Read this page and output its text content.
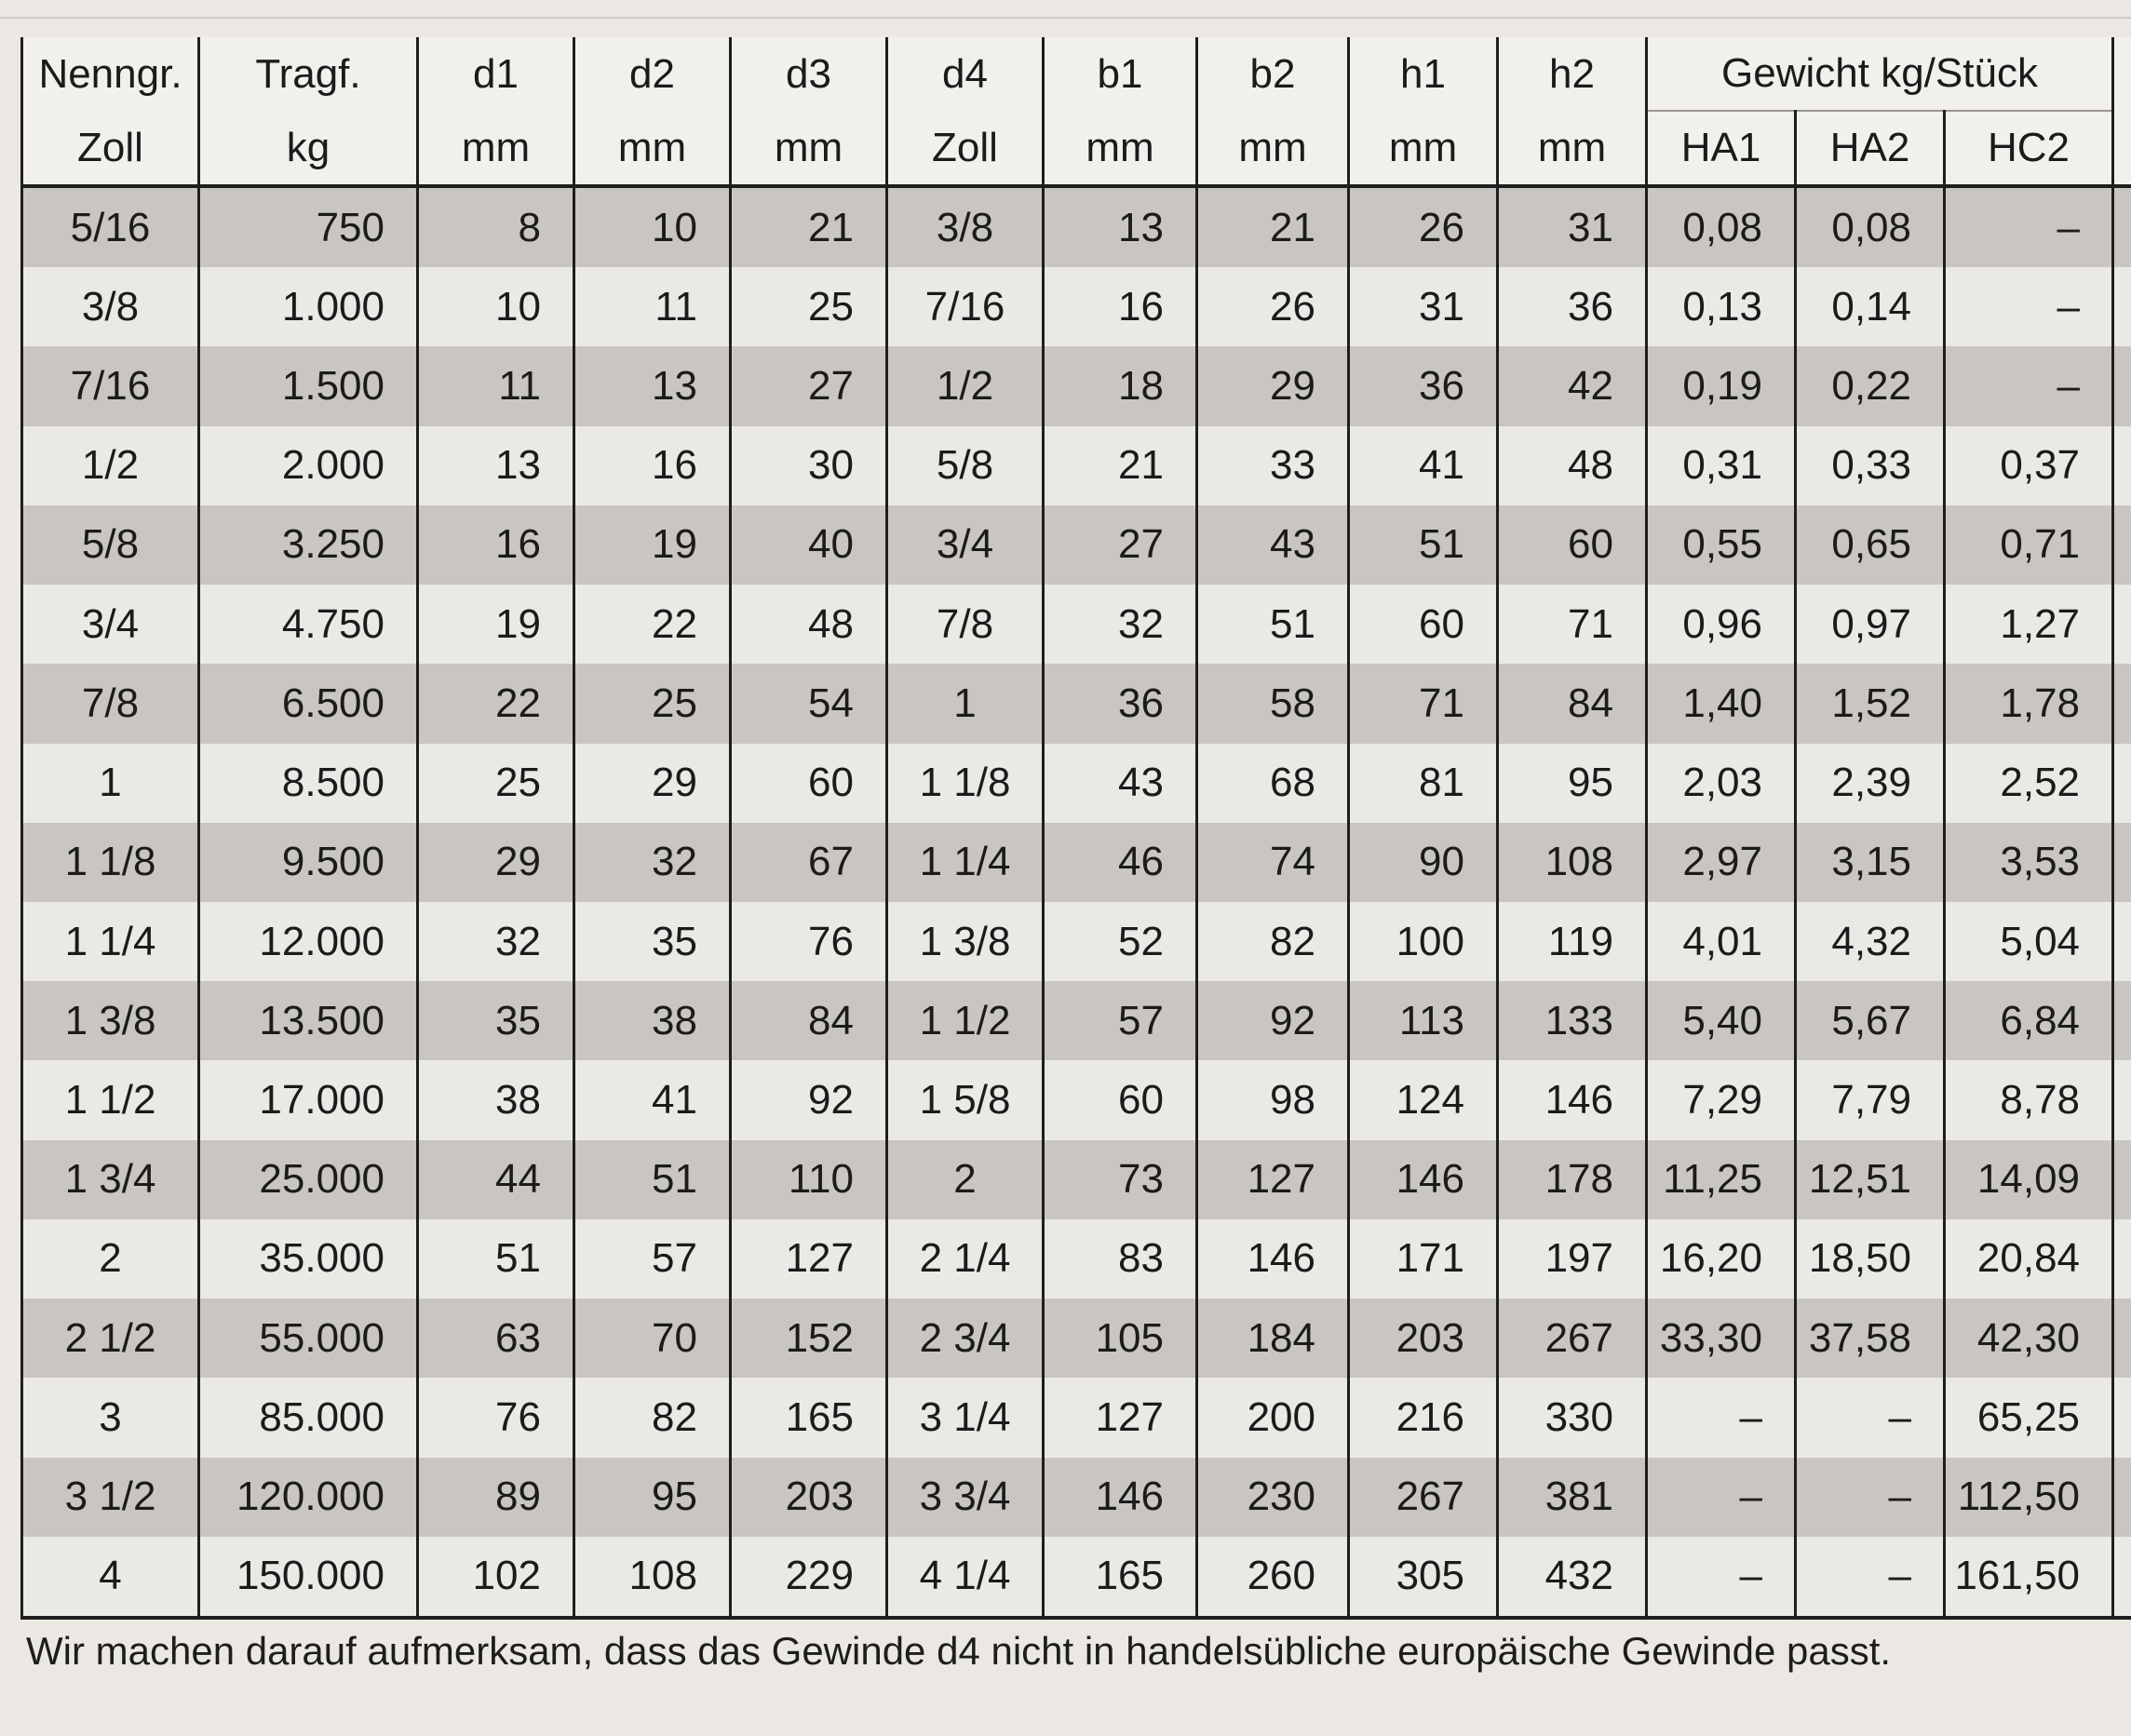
Nenngr.	Tragf.	d1	d2	d3	d4	b1	b2	h1	h2	Gewicht kg/Stück			
Zoll	kg	mm	mm	mm	Zoll	mm	mm	mm	mm	HA1	HA2	HC2	
5/16	750	8	10	21	3/8	13	21	26	31	0,08	0,08	–	
3/8	1.000	10	11	25	7/16	16	26	31	36	0,13	0,14	–	
7/16	1.500	11	13	27	1/2	18	29	36	42	0,19	0,22	–	
1/2	2.000	13	16	30	5/8	21	33	41	48	0,31	0,33	0,37	
5/8	3.250	16	19	40	3/4	27	43	51	60	0,55	0,65	0,71	
3/4	4.750	19	22	48	7/8	32	51	60	71	0,96	0,97	1,27	
7/8	6.500	22	25	54	1	36	58	71	84	1,40	1,52	1,78	
1	8.500	25	29	60	1 1/8	43	68	81	95	2,03	2,39	2,52	
1 1/8	9.500	29	32	67	1 1/4	46	74	90	108	2,97	3,15	3,53	
1 1/4	12.000	32	35	76	1 3/8	52	82	100	119	4,01	4,32	5,04	
1 3/8	13.500	35	38	84	1 1/2	57	92	113	133	5,40	5,67	6,84	
1 1/2	17.000	38	41	92	1 5/8	60	98	124	146	7,29	7,79	8,78	
1 3/4	25.000	44	51	110	2	73	127	146	178	11,25	12,51	14,09	
2	35.000	51	57	127	2 1/4	83	146	171	197	16,20	18,50	20,84	
2 1/2	55.000	63	70	152	2 3/4	105	184	203	267	33,30	37,58	42,30	
3	85.000	76	82	165	3 1/4	127	200	216	330	–	–	65,25	
3 1/2	120.000	89	95	203	3 3/4	146	230	267	381	–	–	112,50	
4	150.000	102	108	229	4 1/4	165	260	305	432	–	–	161,50	
Wir machen darauf aufmerksam, dass das Gewinde d4 nicht in handelsübliche europäische Gewinde passt.
